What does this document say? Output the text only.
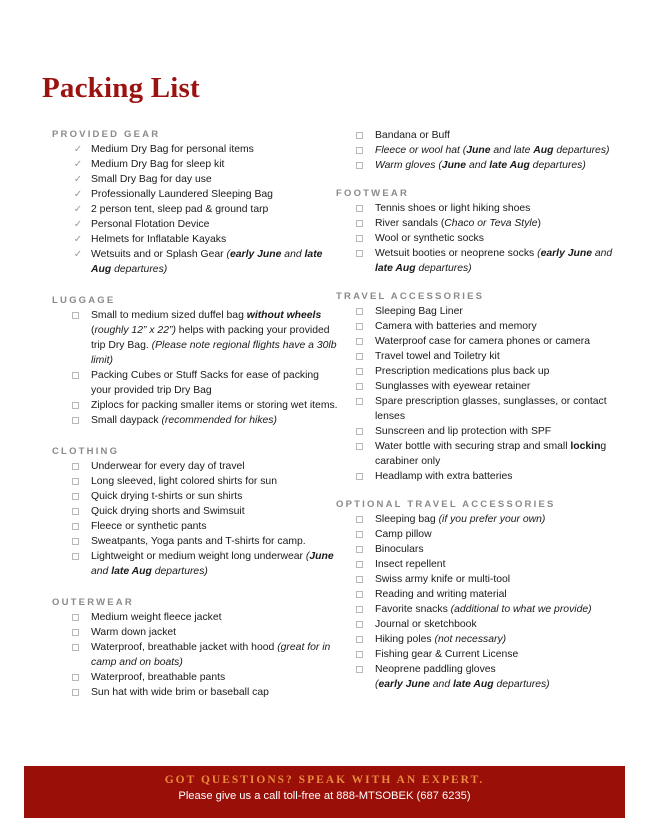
Packing List
PROVIDED GEAR
✓ Medium Dry Bag for personal items
✓ Medium Dry Bag for sleep kit
✓ Small Dry Bag for day use
✓ Professionally Laundered Sleeping Bag
✓ 2 person tent, sleep pad & ground tarp
✓ Personal Flotation Device
✓ Helmets for Inflatable Kayaks
✓ Wetsuits and or Splash Gear (early June and late Aug departures)
LUGGAGE
Small to medium sized duffel bag without wheels (roughly 12” x 22”) helps with packing your provided trip Dry Bag. (Please note regional flights have a 30lb limit)
Packing Cubes or Stuff Sacks for ease of packing your provided trip Dry Bag
Ziplocs for packing smaller items or storing wet items.
Small daypack (recommended for hikes)
CLOTHING
Underwear for every day of travel
Long sleeved, light colored shirts for sun
Quick drying t-shirts or sun shirts
Quick drying shorts and Swimsuit
Fleece or synthetic pants
Sweatpants, Yoga pants and T-shirts for camp.
Lightweight or medium weight long underwear (June and late Aug departures)
OUTERWEAR
Medium weight fleece jacket
Warm down jacket
Waterproof, breathable jacket with hood (great for in camp and on boats)
Waterproof, breathable pants
Sun hat with wide brim or baseball cap
Bandana or Buff
Fleece or wool hat (June and late Aug departures)
Warm gloves (June and late Aug departures)
FOOTWEAR
Tennis shoes or light hiking shoes
River sandals (Chaco or Teva Style)
Wool or synthetic socks
Wetsuit booties or neoprene socks (early June and late Aug departures)
TRAVEL ACCESSORIES
Sleeping Bag Liner
Camera with batteries and memory
Waterproof case for camera phones or camera
Travel towel and Toiletry kit
Prescription medications plus back up
Sunglasses with eyewear retainer
Spare prescription glasses, sunglasses, or contact lenses
Sunscreen and lip protection with SPF
Water bottle with securing strap and small locking carabiner only
Headlamp with extra batteries
OPTIONAL TRAVEL ACCESSORIES
Sleeping bag (if you prefer your own)
Camp pillow
Binoculars
Insect repellent
Swiss army knife or multi-tool
Reading and writing material
Favorite snacks (additional to what we provide)
Journal or sketchbook
Hiking poles (not necessary)
Fishing gear & Current License
Neoprene paddling gloves
(early June and late Aug departures)
GOT QUESTIONS? SPEAK WITH AN EXPERT.
Please give us a call toll-free at 888-MTSOBEK (687 6235)
